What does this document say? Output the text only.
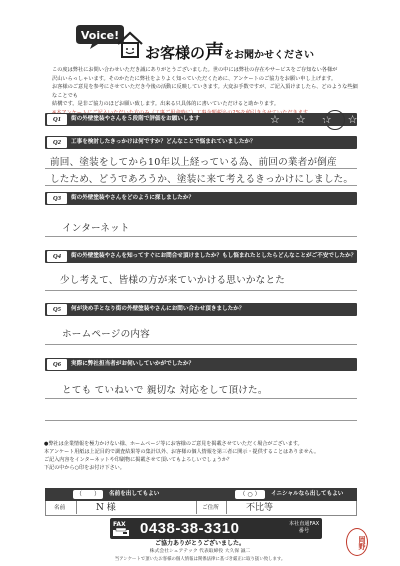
Voice!
お客様の声をお聞かせください
この度は弊社にお問い合わせいただき誠にありがとうございました。世の中には弊社の存在やサービスをご存知ない各様が
沢山いらっしゃいます。そのかたたに弊社をよりよく知っていただくために、アンケートのご協力をお願い申し上げます。
お客様のご意見を参考にさせていただき今後の活動に反映していきます。大変お手数ですが、ご記入頂けましたら、どのような些細なことでも
結構です。是非ご協力のほどお願い致します。出来る只具体的に書いていただけると助かります。
Q1	街の外壁塗装やさんを５段階で評価をお願いします	☆ ☆ ☆ ☆ ☆
Q2	工事を検討したきっかけは何ですか？どんなことで悩まれていましたか？
前回、塗装をしてから10年以上経っている為、前回の業者が倒産
したため、どうであろうか、塗装に来て考えるきっかけにしました。
Q3	街の外壁塗装やさんをどのように探しましたか？
インターネット
Q4	街の外壁塗装やさんを知ってすぐにお問合せ頂けましたか？もし悩まれたとしたらどんなことがご不安でしたか？
少し考えて、皆様の方が来ていかける思いかなとた
Q5	何が決め手となり街の外壁塗装やさんにお問い合わせ頂きましたか？
ホームページの内容
Q6	実際に弊社担当者がお伺いしていかがでしたか？
とても ていねいで 親切な 対応をして頂けた。
●弊社は企業情報を極力かけない様、ホームページ等にお客様のご意見を掲載させていただく場合がございます。
本アンケート用紙は上記目的で調査結果等の集計以外、お客様の個人情報を第三者に開示・提供することはありません。
ご記入内容をインターネットや印刷物に掲載させて頂いてもよろしいでしょうか？
下記の中から○印をお付け下さい。
（　　）	名前を出してもよい	（ ○ ）	イニシャルなら出してもよい
名前	N 様	ご住所	不比等
FAX 0438-38-3310	本社直通FAX番号
ご協力ありがとうございました。
株式会社シェアテック 代表取締役 大久保 誠二
当アンケートで頂いたお客様の個人情報は関係法律に基づき厳正に取り扱い致します。
岡野
